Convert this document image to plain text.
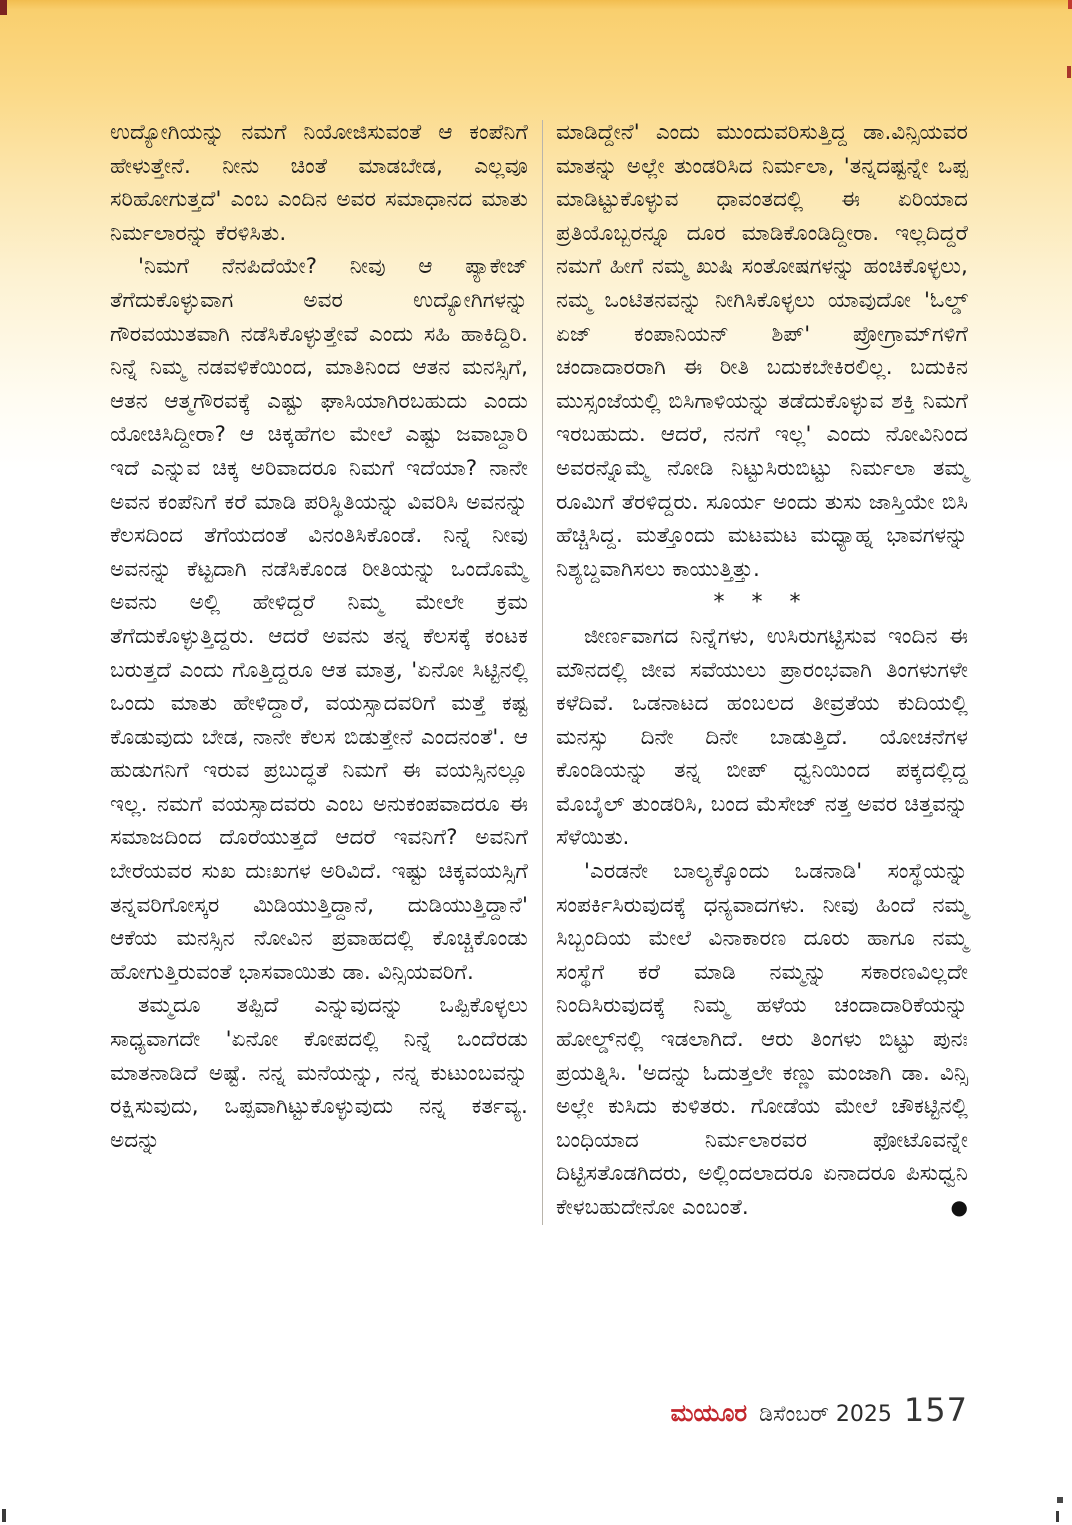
ಉದ್ಯೋಗಿಯನ್ನು ನಮಗೆ ನಿಯೋಜಿಸುವಂತೆ ಆ ಕಂಪೆನಿಗೆ ಹೇಳುತ್ತೇನೆ. ನೀನು ಚಿಂತೆ ಮಾಡಬೇಡ, ಎಲ್ಲವೂ ಸರಿಹೋಗುತ್ತದೆ' ಎಂಬ ಎಂದಿನ ಅವರ ಸಮಾಧಾನದ ಮಾತು ನಿರ್ಮಲಾರನ್ನು ಕೆರಳಿಸಿತು.

'ನಿಮಗೆ ನೆನಪಿದೆಯೇ? ನೀವು ಆ ಪ್ಯಾಕೇಜ್ ತೆಗೆದುಕೊಳ್ಳುವಾಗ ಅವರ ಉದ್ಯೋಗಿಗಳನ್ನು ಗೌರವಯುತವಾಗಿ ನಡೆಸಿಕೊಳ್ಳುತ್ತೇವೆ ಎಂದು ಸಹಿ ಹಾಕಿದ್ದಿರಿ. ನಿನ್ನೆ ನಿಮ್ಮ ನಡವಳಿಕೆಯಿಂದ, ಮಾತಿನಿಂದ ಆತನ ಮನಸ್ಸಿಗೆ, ಆತನ ಆತ್ಮಗೌರವಕ್ಕೆ ಎಷ್ಟು ಘಾಸಿಯಾಗಿರಬಹುದು ಎಂದು ಯೋಚಿಸಿದ್ದೀರಾ? ಆ ಚಿಕ್ಕಹೆಗಲ ಮೇಲೆ ಎಷ್ಟು ಜವಾಬ್ದಾರಿ ಇದೆ ಎನ್ನುವ ಚಿಕ್ಕ ಅರಿವಾದರೂ ನಿಮಗೆ ಇದೆಯಾ? ನಾನೇ ಅವನ ಕಂಪೆನಿಗೆ ಕರೆ ಮಾಡಿ ಪರಿಸ್ಥಿತಿಯನ್ನು ವಿವರಿಸಿ ಅವನನ್ನು ಕೆಲಸದಿಂದ ತೆಗೆಯದಂತೆ ವಿನಂತಿಸಿಕೊಂಡೆ. ನಿನ್ನೆ ನೀವು ಅವನನ್ನು ಕೆಟ್ಟದಾಗಿ ನಡೆಸಿಕೊಂಡ ರೀತಿಯನ್ನು ಒಂದೊಮ್ಮೆ ಅವನು ಅಲ್ಲಿ ಹೇಳಿದ್ದರೆ ನಿಮ್ಮ ಮೇಲೇ ಕ್ರಮ ತೆಗೆದುಕೊಳ್ಳುತ್ತಿದ್ದರು. ಆದರೆ ಅವನು ತನ್ನ ಕೆಲಸಕ್ಕೆ ಕಂಟಕ ಬರುತ್ತದೆ ಎಂದು ಗೊತ್ತಿದ್ದರೂ ಆತ ಮಾತ್ರ, 'ಏನೋ ಸಿಟ್ಟಿನಲ್ಲಿ ಒಂದು ಮಾತು ಹೇಳಿದ್ದಾರೆ, ವಯಸ್ಸಾದವರಿಗೆ ಮತ್ತೆ ಕಷ್ಟ ಕೊಡುವುದು ಬೇಡ, ನಾನೇ ಕೆಲಸ ಬಿಡುತ್ತೇನೆ ಎಂದನಂತೆ'. ಆ ಹುಡುಗನಿಗೆ ಇರುವ ಪ್ರಬುದ್ಧತೆ ನಿಮಗೆ ಈ ವಯಸ್ಸಿನಲ್ಲೂ ಇಲ್ಲ. ನಮಗೆ ವಯಸ್ಸಾದವರು ಎಂಬ ಅನುಕಂಪವಾದರೂ ಈ ಸಮಾಜದಿಂದ ದೊರೆಯುತ್ತದೆ ಆದರೆ ಇವನಿಗೆ? ಅವನಿಗೆ ಬೇರೆಯವರ ಸುಖ ದುಃಖಗಳ ಅರಿವಿದೆ. ಇಷ್ಟು ಚಿಕ್ಕವಯಸ್ಸಿಗೆ ತನ್ನವರಿಗೋಸ್ಕರ ಮಿಡಿಯುತ್ತಿದ್ದಾನೆ, ದುಡಿಯುತ್ತಿದ್ದಾನೆ' ಆಕೆಯ ಮನಸ್ಸಿನ ನೋವಿನ ಪ್ರವಾಹದಲ್ಲಿ ಕೊಚ್ಚಿಕೊಂಡು ಹೋಗುತ್ತಿರುವಂತೆ ಭಾಸವಾಯಿತು ಡಾ. ವಿನ್ಸಿಯವರಿಗೆ.

ತಮ್ಮದೂ ತಪ್ಪಿದೆ ಎನ್ನುವುದನ್ನು ಒಪ್ಪಿಕೊಳ್ಳಲು ಸಾಧ್ಯವಾಗದೇ 'ಏನೋ ಕೋಪದಲ್ಲಿ ನಿನ್ನೆ ಒಂದೆರಡು ಮಾತನಾಡಿದೆ ಅಷ್ಟೆ. ನನ್ನ ಮನೆಯನ್ನು, ನನ್ನ ಕುಟುಂಬವನ್ನು ರಕ್ಷಿಸುವುದು, ಒಪ್ಪವಾಗಿಟ್ಟುಕೊಳ್ಳುವುದು ನನ್ನ ಕರ್ತವ್ಯ. ಅದನ್ನು

ಮಾಡಿದ್ದೇನೆ' ಎಂದು ಮುಂದುವರಿಸುತ್ತಿದ್ದ ಡಾ.ವಿನ್ಸಿಯವರ ಮಾತನ್ನು ಅಲ್ಲೇ ತುಂಡರಿಸಿದ ನಿರ್ಮಲಾ, 'ತನ್ನದಷ್ಟನ್ನೇ ಒಪ್ಪ ಮಾಡಿಟ್ಟುಕೊಳ್ಳುವ ಧಾವಂತದಲ್ಲಿ ಈ ಏರಿಯಾದ ಪ್ರತಿಯೊಬ್ಬರನ್ನೂ ದೂರ ಮಾಡಿಕೊಂಡಿದ್ದೀರಾ. ಇಲ್ಲದಿದ್ದರೆ ನಮಗೆ ಹೀಗೆ ನಮ್ಮ ಖುಷಿ ಸಂತೋಷಗಳನ್ನು ಹಂಚಿಕೊಳ್ಳಲು, ನಮ್ಮ ಒಂಟಿತನವನ್ನು ನೀಗಿಸಿಕೊಳ್ಳಲು ಯಾವುದೋ 'ಓಲ್ಡ್ ಏಜ್ ಕಂಪಾನಿಯನ್ ಶಿಪ್' ಪ್ರೋಗ್ರಾಮ್‌ಗಳಿಗೆ ಚಂದಾದಾರರಾಗಿ ಈ ರೀತಿ ಬದುಕಬೇಕಿರಲಿಲ್ಲ. ಬದುಕಿನ ಮುಸ್ಸಂಜೆಯಲ್ಲಿ ಬಿಸಿಗಾಳಿಯನ್ನು ತಡೆದುಕೊಳ್ಳುವ ಶಕ್ತಿ ನಿಮಗೆ ಇರಬಹುದು. ಆದರೆ, ನನಗೆ ಇಲ್ಲ' ಎಂದು ನೋವಿನಿಂದ ಅವರನ್ನೊಮ್ಮೆ ನೋಡಿ ನಿಟ್ಟುಸಿರುಬಿಟ್ಟು ನಿರ್ಮಲಾ ತಮ್ಮ ರೂಮಿಗೆ ತೆರಳಿದ್ದರು. ಸೂರ್ಯ ಅಂದು ತುಸು ಜಾಸ್ತಿಯೇ ಬಿಸಿ ಹೆಚ್ಚಿಸಿದ್ದ. ಮತ್ತೊಂದು ಮಟಮಟ ಮಧ್ಯಾಹ್ನ ಭಾವಗಳನ್ನು ನಿಶ್ಯಬ್ದವಾಗಿಸಲು ಕಾಯುತ್ತಿತ್ತು.

* * *

ಜೀರ್ಣವಾಗದ ನಿನ್ನೆಗಳು, ಉಸಿರುಗಟ್ಟಿಸುವ ಇಂದಿನ ಈ ಮೌನದಲ್ಲಿ ಜೀವ ಸವೆಯುಲು ಪ್ರಾರಂಭವಾಗಿ ತಿಂಗಳುಗಳೇ ಕಳೆದಿವೆ. ಒಡನಾಟದ ಹಂಬಲದ ತೀವ್ರತೆಯ ಕುದಿಯಲ್ಲಿ ಮನಸ್ಸು ದಿನೇ ದಿನೇ ಬಾಡುತ್ತಿದೆ. ಯೋಚನೆಗಳ ಕೊಂಡಿಯನ್ನು ತನ್ನ ಬೀಪ್ ಧ್ವನಿಯಿಂದ ಪಕ್ಕದಲ್ಲಿದ್ದ ಮೊಬೈಲ್ ತುಂಡರಿಸಿ, ಬಂದ ಮೆಸೇಜ್ ನತ್ತ ಅವರ ಚಿತ್ತವನ್ನು ಸೆಳೆಯಿತು.

'ಎರಡನೇ ಬಾಲ್ಯಕ್ಕೊಂದು ಒಡನಾಡಿ' ಸಂಸ್ಥೆಯನ್ನು ಸಂಪರ್ಕಿಸಿರುವುದಕ್ಕೆ ಧನ್ಯವಾದಗಳು. ನೀವು ಹಿಂದೆ ನಮ್ಮ ಸಿಬ್ಬಂದಿಯ ಮೇಲೆ ವಿನಾಕಾರಣ ದೂರು ಹಾಗೂ ನಮ್ಮ ಸಂಸ್ಥೆಗೆ ಕರೆ ಮಾಡಿ ನಮ್ಮನ್ನು ಸಕಾರಣವಿಲ್ಲದೇ ನಿಂದಿಸಿರುವುದಕ್ಕೆ ನಿಮ್ಮ ಹಳೆಯ ಚಂದಾದಾರಿಕೆಯನ್ನು ಹೋಲ್ಡ್‌ನಲ್ಲಿ ಇಡಲಾಗಿದೆ. ಆರು ತಿಂಗಳು ಬಿಟ್ಟು ಪುನಃ ಪ್ರಯತ್ನಿಸಿ. 'ಅದನ್ನು ಓದುತ್ತಲೇ ಕಣ್ಣು ಮಂಜಾಗಿ ಡಾ. ವಿನ್ಸಿ ಅಲ್ಲೇ ಕುಸಿದು ಕುಳಿತರು. ಗೋಡೆಯ ಮೇಲೆ ಚೌಕಟ್ಟಿನಲ್ಲಿ ಬಂಧಿಯಾದ ನಿರ್ಮಲಾರವರ ಫೋಟೊವನ್ನೇ ದಿಟ್ಟಿಸತೊಡಗಿದರು, ಅಲ್ಲಿಂದಲಾದರೂ ಏನಾದರೂ ಪಿಸುಧ್ವನಿ ಕೇಳಬಹುದೇನೋ ಎಂಬಂತೆ.	●

ಮಯೂರ ಡಿಸೆಂಬರ್ 2025 157
